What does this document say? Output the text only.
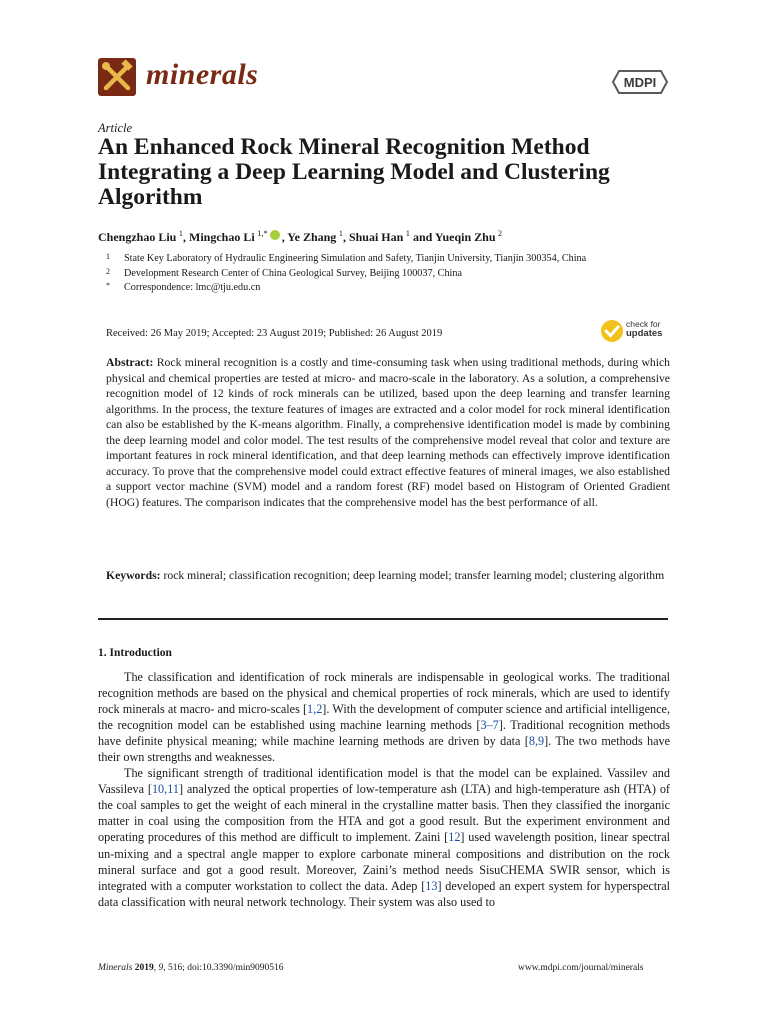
minerals	MDPI
Article
An Enhanced Rock Mineral Recognition Method Integrating a Deep Learning Model and Clustering Algorithm
Chengzhao Liu  $^1$, Mingchao Li  $^{1,*}$ , Ye Zhang  $^1$, Shuai Han  $^1$ and Yueqin Zhu  $^2$
1 State Key Laboratory of Hydraulic Engineering Simulation and Safety, Tianjin University, Tianjin 300354, China
2 Development Research Center of China Geological Survey, Beijing 100037, China
* Correspondence: lmc@tju.edu.cn
Received: 26 May 2019; Accepted: 23 August 2019; Published: 26 August 2019
check for
updates
Abstract: Rock mineral recognition is a costly and time-consuming task when using traditional methods, during which physical and chemical properties are tested at micro- and macro-scale in the laboratory. As a solution, a comprehensive recognition model of 12 kinds of rock minerals can be utilized, based upon the deep learning and transfer learning algorithms. In the process, the texture features of images are extracted and a color model for rock mineral identification can also be established by the K-means algorithm. Finally, a comprehensive identification model is made by combining the deep learning model and color model. The test results of the comprehensive model reveal that color and texture are important features in rock mineral identification, and that deep learning methods can effectively improve identification accuracy. To prove that the comprehensive model could extract effective features of mineral images, we also established a support vector machine (SVM) model and a random forest (RF) model based on Histogram of Oriented Gradient (HOG) features. The comparison indicates that the comprehensive model has the best performance of all.
Keywords: rock mineral; classification recognition; deep learning model; transfer learning model; clustering algorithm
1. Introduction

The classification and identification of rock minerals are indispensable in geological works. The traditional recognition methods are based on the physical and chemical properties of rock minerals, which are used to identify rock minerals at macro- and micro-scales [1,2]. With the development of computer science and artificial intelligence, the recognition model can be established using machine learning methods [3–7]. Traditional recognition methods have definite physical meaning; while machine learning methods are driven by data [8,9]. The two methods have their own strengths and weaknesses.

The significant strength of traditional identification model is that the model can be explained. Vassilev and Vassileva [10,11] analyzed the optical properties of low-temperature ash (LTA) and high-temperature ash (HTA) of the coal samples to get the weight of each mineral in the crystalline matter basis. Then they classified the inorganic matter in coal using the composition from the HTA and got a good result. But the experiment environment and operating procedures of this method are difficult to implement. Zaini [12] used wavelength position, linear spectral un-mixing and a spectral angle mapper to explore carbonate mineral compositions and distribution on the rock mineral surface and got a good result. Moreover, Zaini’s method needs SisuCHEMA SWIR sensor, which is integrated with a computer workstation to collect the data. Adep [13] developed an expert system for hyperspectral data classification with neural network technology. Their system was also used to

Minerals 2019, 9, 516; doi:10.3390/min9090516	www.mdpi.com/journal/minerals
